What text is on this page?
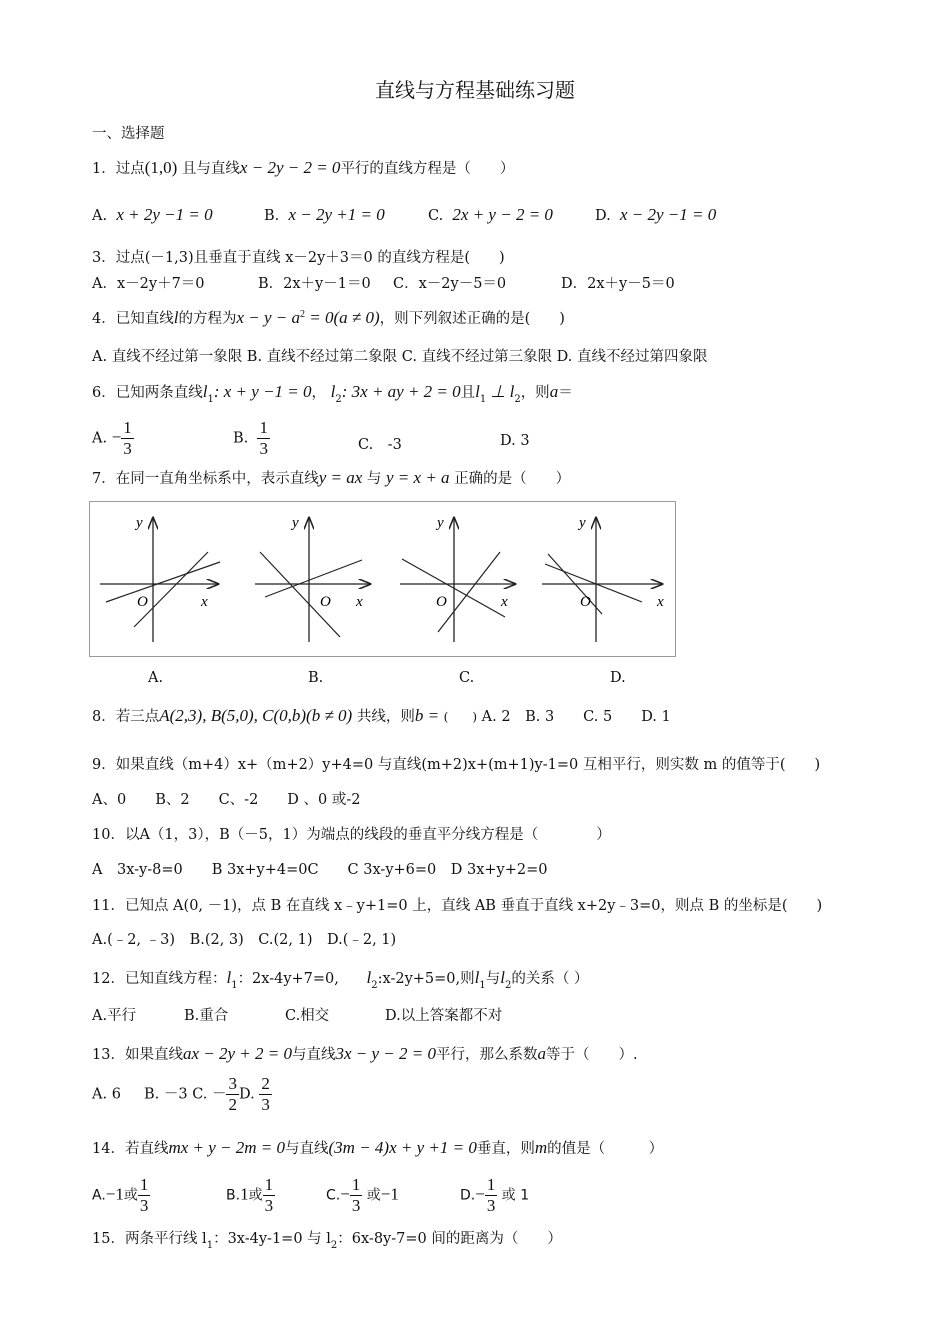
直线与方程基础练习题
一、选择题
1．过点(1,0) 且与直线x − 2y − 2 = 0平行的直线方程是（　　）
A. x + 2y −1 = 0	B. x − 2y +1 = 0	C. 2x + y − 2 = 0	D. x − 2y −1 = 0
3．过点(－1,3)且垂直于直线 x－2y＋3＝0 的直线方程是(　　)
A．x－2y＋7＝0	B．2x＋y－1＝0 C．x－2y－5＝0	D．2x＋y－5＝0
4．已知直线l的方程为$x - y - a^2 = 0(a \ne 0)$，则下列叙述正确的是(　　)
A. 直线不经过第一象限 B. 直线不经过第二象限 C. 直线不经过第三象限 D. 直线不经过第四象限
6．已知两条直线$l_1$: x + y −1 = 0， $l_2$: 3x + ay + 2 = 0且$l_1$ ⊥ $l_2$，则a＝
A. − $\frac{1}{3}$	B. $\frac{1}{3}$	C.　-3	D. 3
7．在同一直角坐标系中，表示直线y = ax 与 y = x + a 正确的是（　　）
y
x
O
y
x
O
y
x
O
y
x
O
A.	B.	C.	D.
8．若三点A(2,3), B(5,0), C(0,b)(b ≠ 0) 共线，则b = (　　) A. 2　B. 3　　C. 5　　D. 1
9．如果直线（m+4）x+（m+2）y+4=0 与直线(m+2)x+(m+1)y-1=0 互相平行，则实数 m 的值等于(　　)
A、0　　B、2　　C、-2　　D 、0 或-2
10．以A（1，3），B（－5，1）为端点的线段的垂直平分线方程是（　　　　）
A　3x-y-8=0　　B 3x+y+4=0C　　C 3x-y+6=0　D 3x+y+2=0
11．已知点 A(0, －1)，点 B 在直线 x﹣y+1=0 上，直线 AB 垂直于直线 x+2y﹣3=0，则点 B 的坐标是(　　)
A.(﹣2, ﹣3)　B.(2, 3)　C.(2, 1)　D.(﹣2, 1)
12．已知直线方程：$l_1$：2x-4y+7=0, $l_2:x-2y+5=0$,则$l_1$与$l_2$的关系（ ）
A.平行	B.重合	C.相交	D.以上答案都不对
13．如果直线ax − 2y + 2 = 0与直线3x − y − 2 = 0平行，那么系数a等于（　　）.
A. 6 B. －3 C. － $\frac{3}{2} D$. $\frac{2}{3}$
14．若直线mx + y − 2m = 0与直线(3m − 4)x + y +1 = 0垂直，则m的值是（　　　）
A.−1或 $\frac{1}{3}$	B.1或 $\frac{1}{3}$	$C.- \frac{1}{3}$ 或−1	$D.- \frac{1}{3}$ 或 1
15．两条平行线 $l_1$：3x-4y-1=0 与 $l_2$：6x-8y-7=0 间的距离为（　　）
